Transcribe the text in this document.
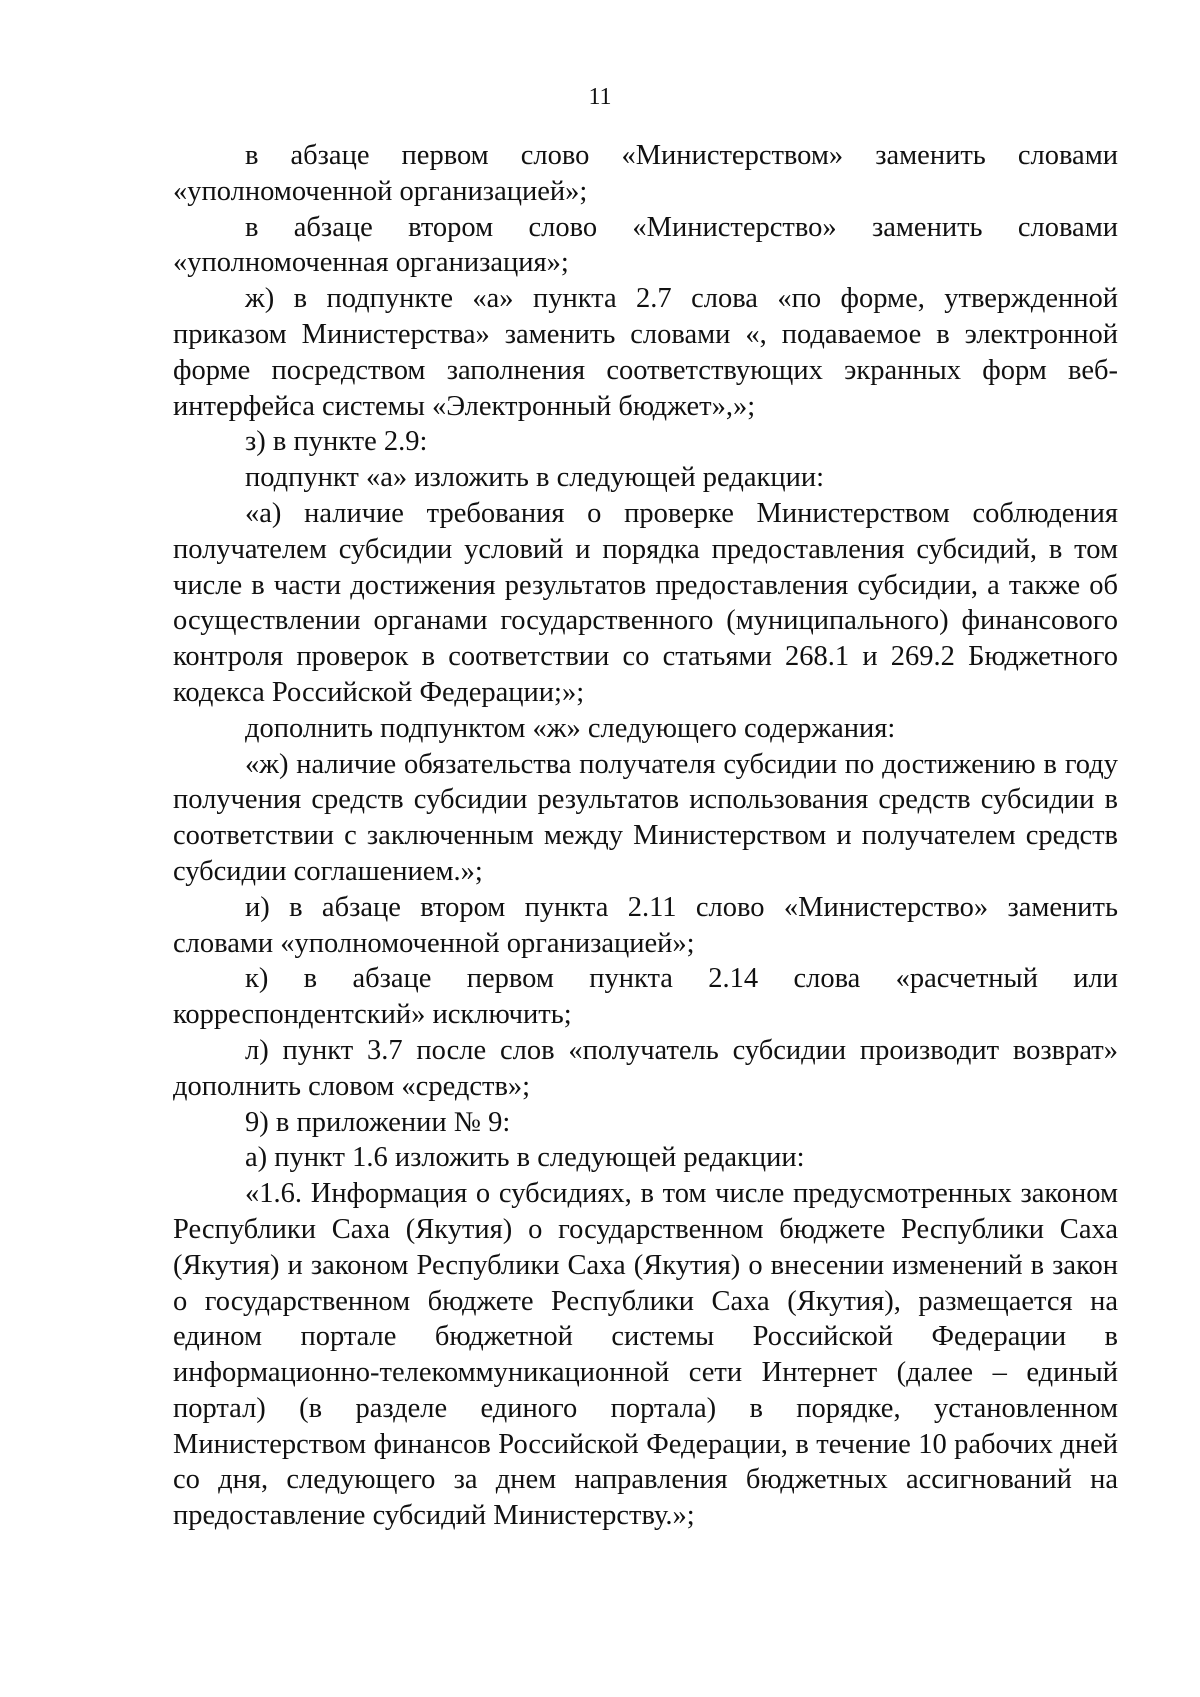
11

в абзаце первом слово «Министерством» заменить словами «уполномоченной организацией»;

в абзаце втором слово «Министерство» заменить словами «уполномоченная организация»;

ж) в подпункте «а» пункта 2.7 слова «по форме, утвержденной приказом Министерства» заменить словами «, подаваемое в электронной форме посредством заполнения соответствующих экранных форм веб-интерфейса системы «Электронный бюджет»,»;

з) в пункте 2.9:

подпункт «а» изложить в следующей редакции:

«а) наличие требования о проверке Министерством соблюдения получателем субсидии условий и порядка предоставления субсидий, в том числе в части достижения результатов предоставления субсидии, а также об осуществлении органами государственного (муниципального) финансового контроля проверок в соответствии со статьями 268.1 и 269.2 Бюджетного кодекса Российской Федерации;»;

дополнить подпунктом «ж» следующего содержания:

«ж) наличие обязательства получателя субсидии по достижению в году получения средств субсидии результатов использования средств субсидии в соответствии с заключенным между Министерством и получателем средств субсидии соглашением.»;

и) в абзаце втором пункта 2.11 слово «Министерство» заменить словами «уполномоченной организацией»;

к) в абзаце первом пункта 2.14 слова «расчетный или корреспондентский» исключить;

л) пункт 3.7 после слов «получатель субсидии производит возврат» дополнить словом «средств»;

9) в приложении № 9:

а) пункт 1.6 изложить в следующей редакции:

«1.6. Информация о субсидиях, в том числе предусмотренных законом Республики Саха (Якутия) о государственном бюджете Республики Саха (Якутия) и законом Республики Саха (Якутия) о внесении изменений в закон о государственном бюджете Республики Саха (Якутия), размещается на едином портале бюджетной системы Российской Федерации в информационно-телекоммуникационной сети Интернет (далее – единый портал) (в разделе единого портала) в порядке, установленном Министерством финансов Российской Федерации, в течение 10 рабочих дней со дня, следующего за днем направления бюджетных ассигнований на предоставление субсидий Министерству.»;
